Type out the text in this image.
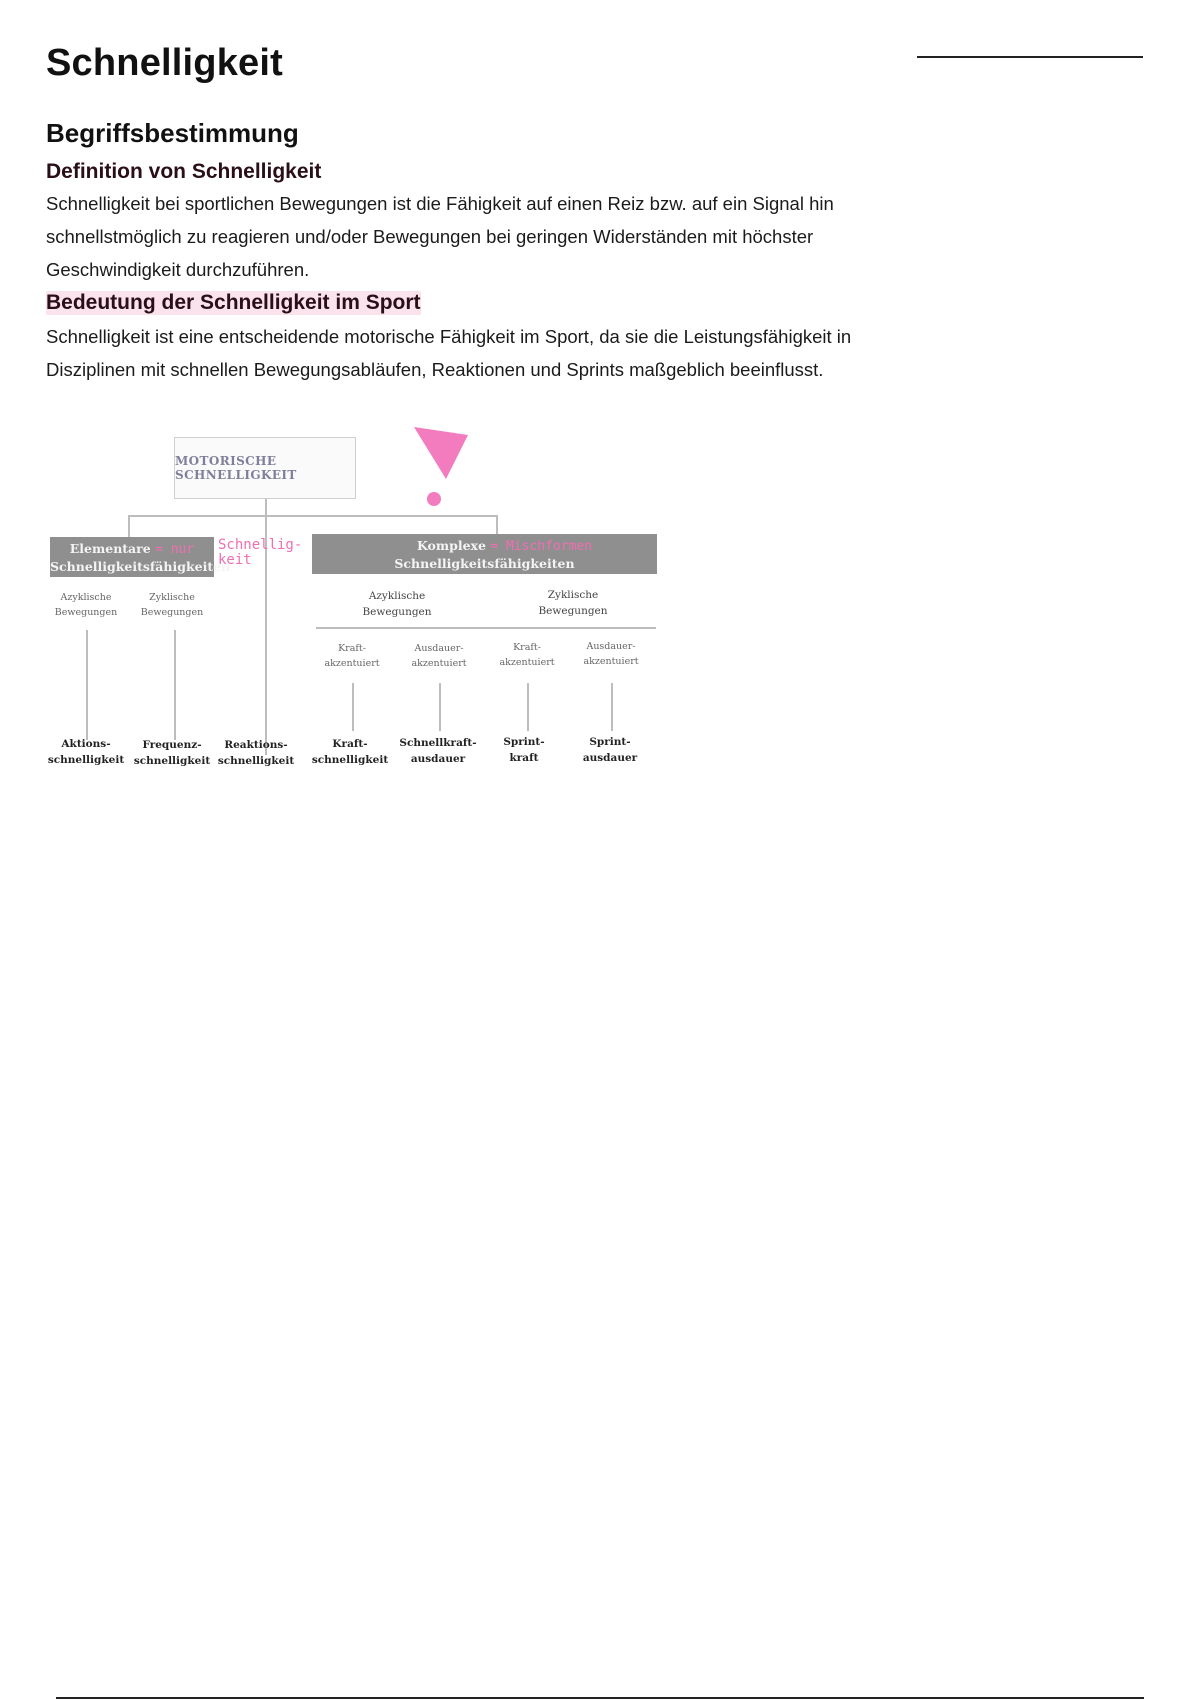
Schnelligkeit
Begriffsbestimmung
Definition von Schnelligkeit

Schnelligkeit bei sportlichen Bewegungen ist die Fähigkeit auf einen Reiz bzw. auf ein Signal hin schnellstmöglich zu reagieren und/oder Bewegungen bei geringen Widerständen mit höchster Geschwindigkeit durchzuführen.

Bedeutung der Schnelligkeit im Sport

Schnelligkeit ist eine entscheidende motorische Fähigkeit im Sport, da sie die Leistungsfähigkeit in Disziplinen mit schnellen Bewegungsabläufen, Reaktionen und Sprints maßgeblich beeinflusst.

MOTORISCHE SCHNELLIGKEIT
Elementare = nur
Schnelligkeitsfähigkeiten
Schnellig-
keit
Komplexe = Mischformen
Schnelligkeitsfähigkeiten
Azyklische
Bewegungen
Zyklische
Bewegungen
Azyklische
Bewegungen
Zyklische
Bewegungen
Kraft-
akzentuiert
Ausdauer-
akzentuiert
Kraft-
akzentuiert
Ausdauer-
akzentuiert
Aktions-
schnelligkeit
Frequenz-
schnelligkeit
Reaktions-
schnelligkeit
Kraft-
schnelligkeit
Schnellkraft-
ausdauer
Sprint-
kraft
Sprint-
ausdauer
